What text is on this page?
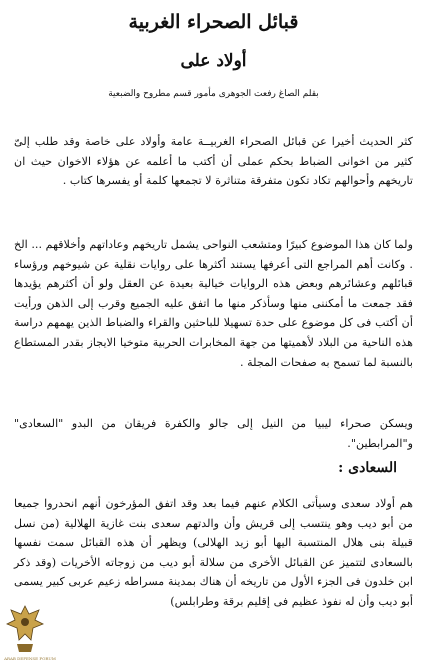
قبائل الصحراء الغربية
أولاد على
بقلم الصاغ رفعت الجوهرى مأمور قسم مطروح والضبعية
كثر الحديث أخيرا عن قبائل الصحراء الغربيــة عامة وأولاد على خاصة وقد طلب إلىّ كثير من اخوانى الضباط بحكم عملى أن أكتب ما أعلمه عن هؤلاء الاخوان حيث ان تاريخهم وأحوالهم تكاد تكون متفرقة متناثرة لا تجمعها كلمة أو يفسرها كتاب .
ولما كان هذا الموضوع كبيرًا ومتشعب النواحى يشمل تاريخهم وعاداتهم وأخلاقهم ... الخ . وكانت أهم المراجع التى أعرفها يستند أكثرها على روايات نقلية عن شيوخهم ورؤساء قبائلهم وعشائرهم وبعض هذه الروايات خيالية بعيدة عن العقل ولو أن أكثرهم يؤيدها فقد جمعت ما أمكننى منها وسأذكر منها ما اتفق عليه الجميع وقرب إلى الذهن ورأيت أن أكتب فى كل موضوع على حدة تسهيلا للباحثين والقراء والضباط الذين يهمهم دراسة هذه الناحية من البلاد لأهميتها من جهة المخابرات الحربية متوخيا الايجاز بقدر المستطاع بالنسبة لما تسمح به صفحات المجلة .
ويسكن صحراء ليبيا من النيل إلى جالو والكفرة فريقان من البدو "السعادى" و"المرابطين".
السعادى :
هم أولاد سعدى وسيأتى الكلام عنهم فيما بعد وقد اتفق المؤرخون أنهم انحدروا جميعا من أبو ديب وهو ينتسب إلى قريش وأن والدتهم سعدى بنت غازية الهلالية (من نسل قبيلة بنى هلال المنتسبة اليها أبو زيد الهلالى) ويظهر أن هذه القبائل سمت نفسها بالسعادى لتتميز عن القبائل الأخرى من سلالة أبو ديب من زوجاته الأخريات (وقد ذكر ابن خلدون فى الجزء الأول من تاريخه أن هناك بمدينة مسراطه زعيم عربى كبير يسمى أبو ديب وأن له نفوذ عظيم فى إقليم برقة وطرابلس)
ARAB DEFENSE FORUM
